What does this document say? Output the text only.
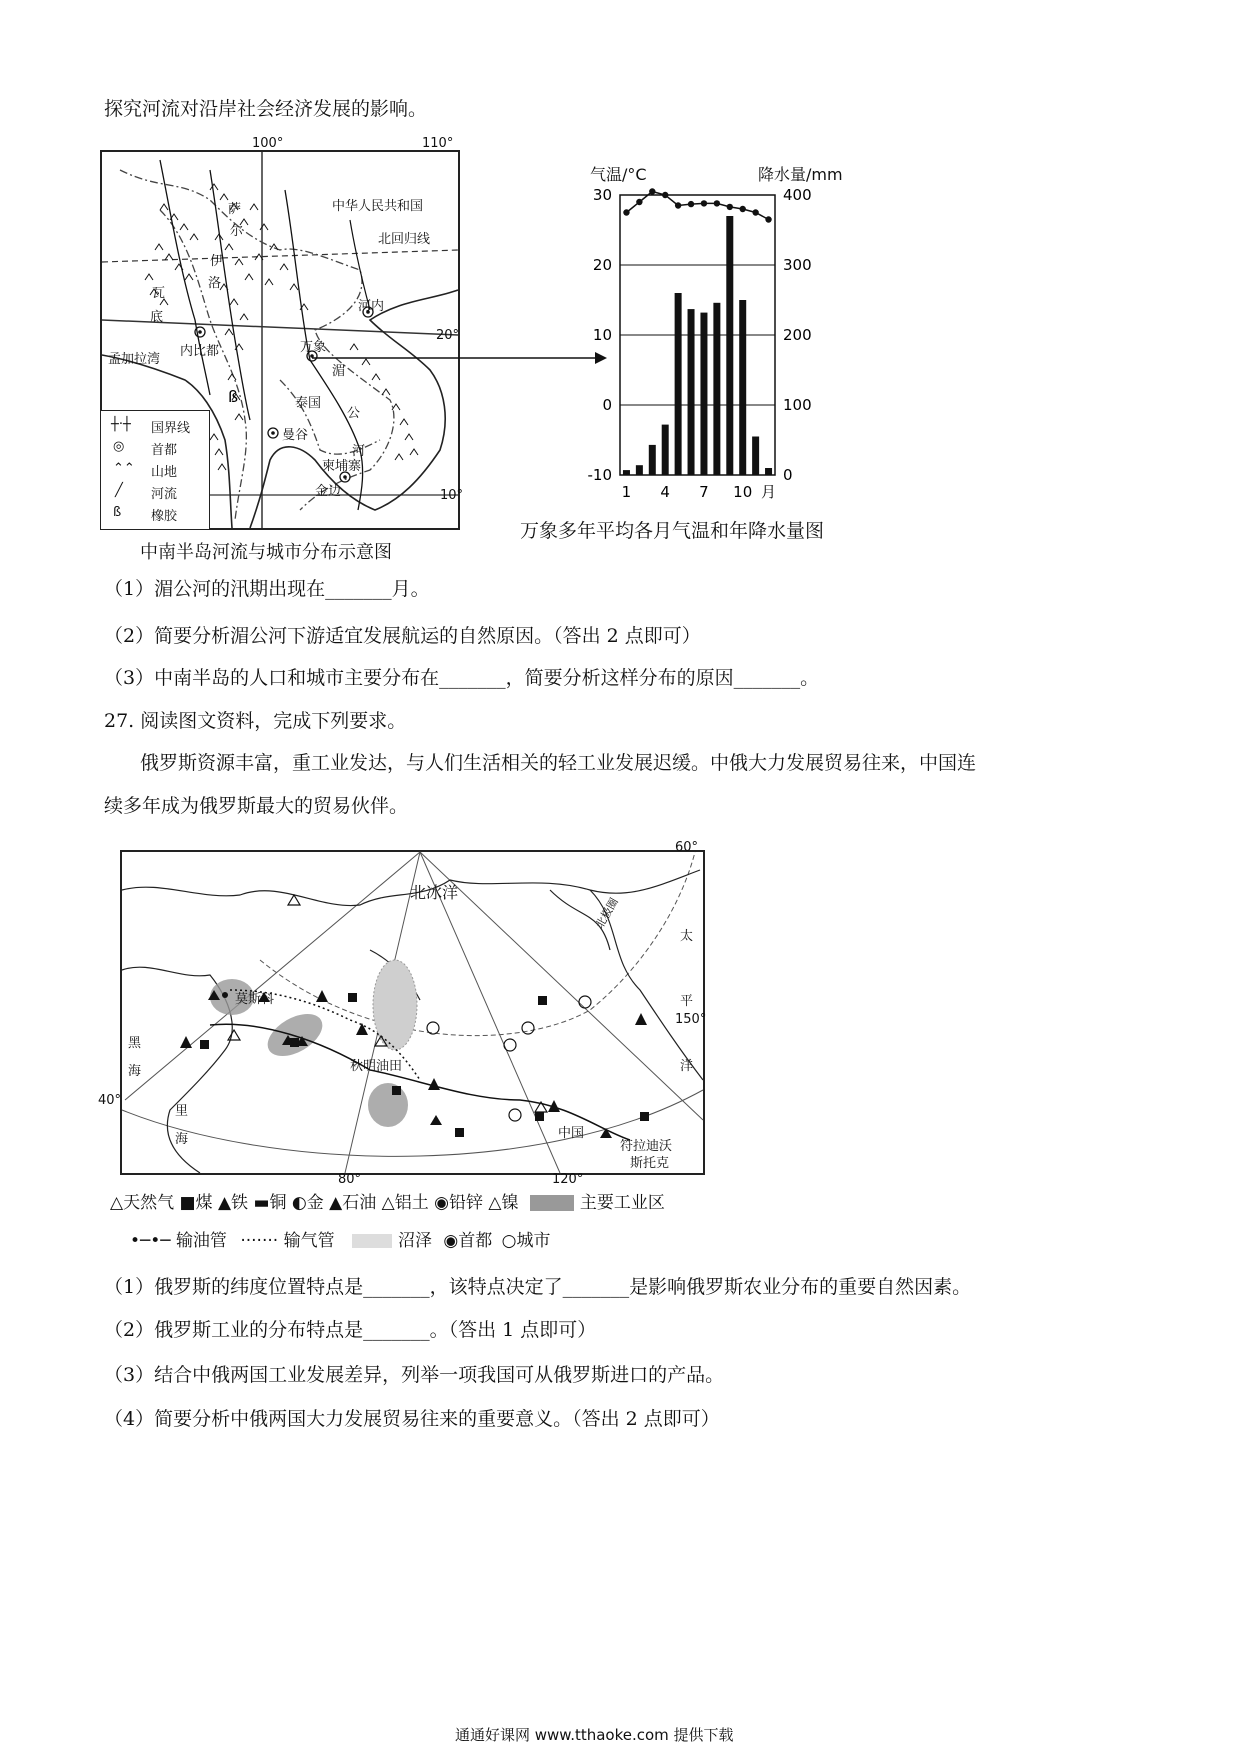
探究河流对沿岸社会经济发展的影响。
ß
100°	110°
20°
10°
中华人民共和国
北回归线
河内
万象
内比都
曼谷
金边
泰国
柬埔寨
孟加拉湾
萨
尔
伊
洛
瓦
底
湄
公
河
┼·┼ 国界线
◎ 首都
⌃⌃ 山地
╱ 河流
ß 橡胶
中南半岛河流与城市分布示意图
气温/°C	降水量/mm
30
20
10
0
-10
400
300
200
100
0
1 4 7 10 月
万象多年平均各月气温和年降水量图
（1）湄公河的汛期出现在_______月。
（2）简要分析湄公河下游适宜发展航运的自然原因。（答出 2 点即可）
（3）中南半岛的人口和城市主要分布在_______，简要分析这样分布的原因_______。
27. 阅读图文资料，完成下列要求。
俄罗斯资源丰富，重工业发达，与人们生活相关的轻工业发展迟缓。中俄大力发展贸易往来，中国连
续多年成为俄罗斯最大的贸易伙伴。
60°
150°
80°	120°
40°
北冰洋
莫斯科
秋明油田
黑
海
里
海
太
平
洋
中国
符拉迪沃
斯托克
北极圈
△天然气 ■煤 ▲铁 ▬铜 ◐金 ▲石油 △铝土 ◉铅锌 △镍	主要工业区
•─•─ 输油管 ······· 输气管	沼泽 ◉首都 ○城市
（1）俄罗斯的纬度位置特点是_______，该特点决定了_______是影响俄罗斯农业分布的重要自然因素。
（2）俄罗斯工业的分布特点是_______。（答出 1 点即可）
（3）结合中俄两国工业发展差异，列举一项我国可从俄罗斯进口的产品。
（4）简要分析中俄两国大力发展贸易往来的重要意义。（答出 2 点即可）
通通好课网 www.tthaoke.com 提供下载
